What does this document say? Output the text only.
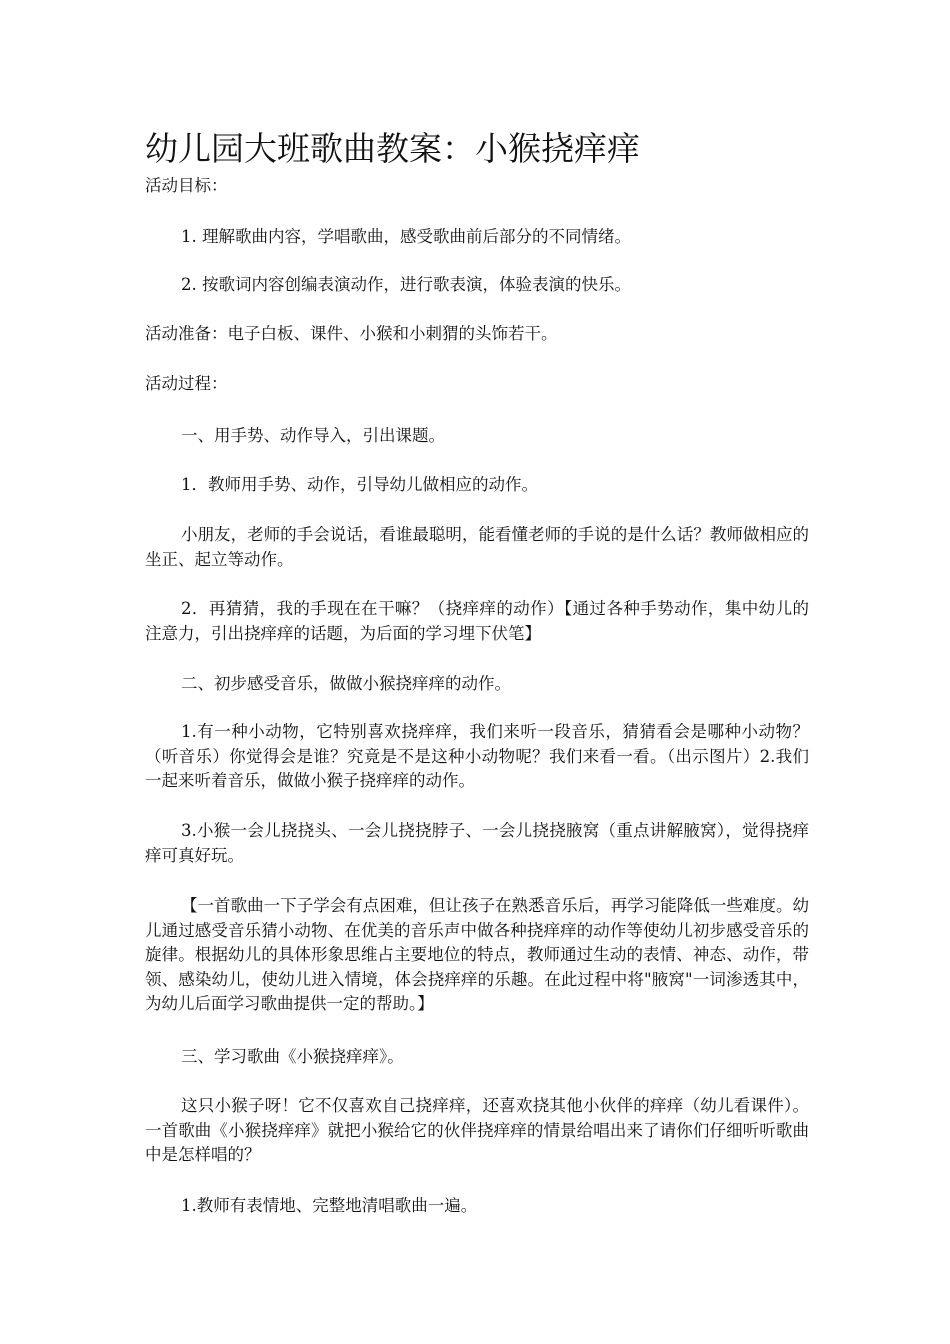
幼儿园大班歌曲教案：小猴挠痒痒

活动目标：

1. 理解歌曲内容，学唱歌曲，感受歌曲前后部分的不同情绪。

2. 按歌词内容创编表演动作，进行歌表演，体验表演的快乐。

活动准备：电子白板、课件、小猴和小刺猬的头饰若干。

活动过程：

一、用手势、动作导入，引出课题。

1．教师用手势、动作，引导幼儿做相应的动作。

小朋友，老师的手会说话，看谁最聪明，能看懂老师的手说的是什么话？教师做相应的坐正、起立等动作。

2．再猜猜，我的手现在在干嘛？（挠痒痒的动作）【通过各种手势动作，集中幼儿的注意力，引出挠痒痒的话题，为后面的学习埋下伏笔】

二、初步感受音乐，做做小猴挠痒痒的动作。

1.有一种小动物，它特别喜欢挠痒痒，我们来听一段音乐，猜猜看会是哪种小动物？（听音乐）你觉得会是谁？究竟是不是这种小动物呢？我们来看一看。（出示图片）2.我们一起来听着音乐，做做小猴子挠痒痒的动作。

3.小猴一会儿挠挠头、一会儿挠挠脖子、一会儿挠挠腋窝（重点讲解腋窝），觉得挠痒痒可真好玩。

【一首歌曲一下子学会有点困难，但让孩子在熟悉音乐后，再学习能降低一些难度。幼儿通过感受音乐猜小动物、在优美的音乐声中做各种挠痒痒的动作等使幼儿初步感受音乐的旋律。根据幼儿的具体形象思维占主要地位的特点，教师通过生动的表情、神态、动作，带领、感染幼儿，使幼儿进入情境，体会挠痒痒的乐趣。在此过程中将"腋窝"一词渗透其中，为幼儿后面学习歌曲提供一定的帮助。】

三、学习歌曲《小猴挠痒痒》。

这只小猴子呀！它不仅喜欢自己挠痒痒，还喜欢挠其他小伙伴的痒痒（幼儿看课件）。一首歌曲《小猴挠痒痒》就把小猴给它的伙伴挠痒痒的情景给唱出来了请你们仔细听听歌曲中是怎样唱的？

1.教师有表情地、完整地清唱歌曲一遍。
